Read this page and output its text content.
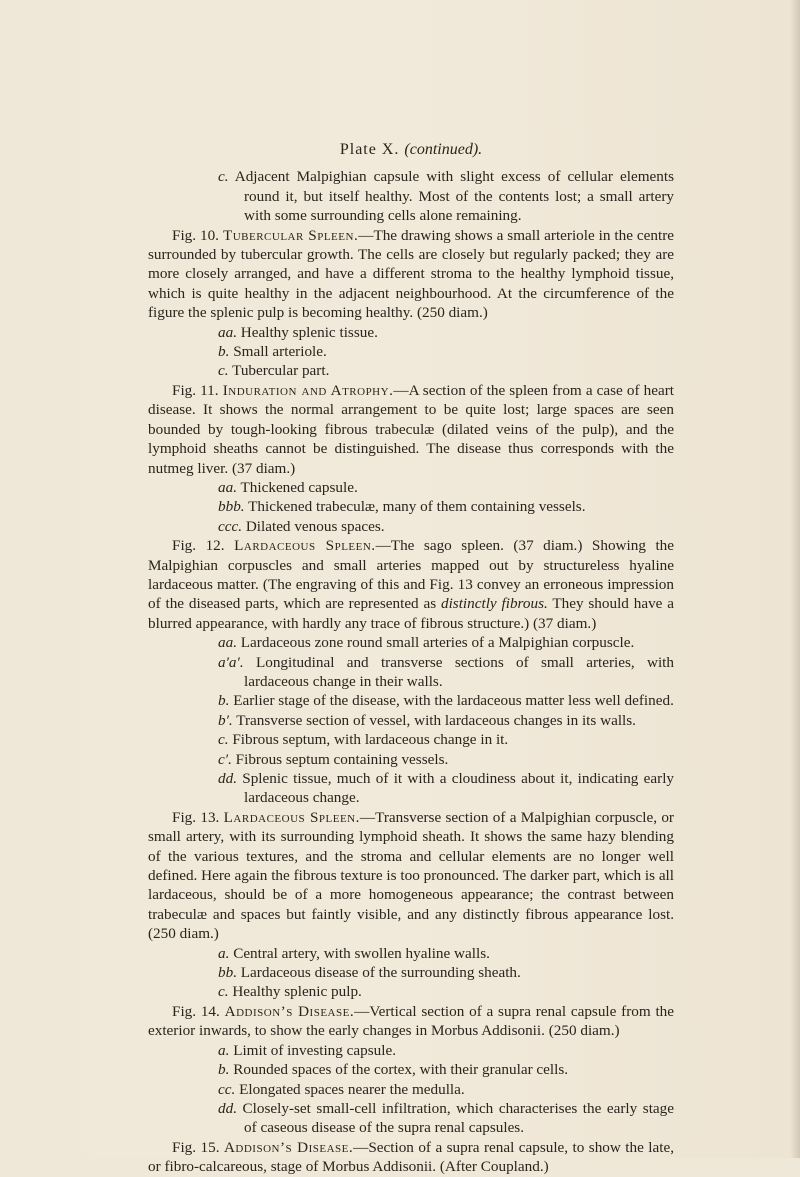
Plate X. (continued).

c. Adjacent Malpighian capsule with slight excess of cellular elements round it, but itself healthy. Most of the contents lost; a small artery with some surrounding cells alone remaining.

Fig. 10. Tubercular Spleen.—The drawing shows a small arteriole in the centre surrounded by tubercular growth. The cells are closely but regularly packed; they are more closely arranged, and have a different stroma to the healthy lymphoid tissue, which is quite healthy in the adjacent neighbourhood. At the circumference of the figure the splenic pulp is becoming healthy. (250 diam.)

aa. Healthy splenic tissue.

b. Small arteriole.

c. Tubercular part.

Fig. 11. Induration and Atrophy.—A section of the spleen from a case of heart disease. It shows the normal arrangement to be quite lost; large spaces are seen bounded by tough-looking fibrous trabeculæ (dilated veins of the pulp), and the lymphoid sheaths cannot be distinguished. The disease thus corresponds with the nutmeg liver. (37 diam.)

aa. Thickened capsule.

bbb. Thickened trabeculæ, many of them containing vessels.

ccc. Dilated venous spaces.

Fig. 12. Lardaceous Spleen.—The sago spleen. (37 diam.) Showing the Malpighian corpuscles and small arteries mapped out by structureless hyaline lardaceous matter. (The engraving of this and Fig. 13 convey an erroneous impression of the diseased parts, which are represented as distinctly fibrous. They should have a blurred appearance, with hardly any trace of fibrous structure.) (37 diam.)

aa. Lardaceous zone round small arteries of a Malpighian corpuscle.

a′a′. Longitudinal and transverse sections of small arteries, with lardaceous change in their walls.

b. Earlier stage of the disease, with the lardaceous matter less well defined.

b′. Transverse section of vessel, with lardaceous changes in its walls.

c. Fibrous septum, with lardaceous change in it.

c′. Fibrous septum containing vessels.

dd. Splenic tissue, much of it with a cloudiness about it, indicating early lardaceous change.

Fig. 13. Lardaceous Spleen.—Transverse section of a Malpighian corpuscle, or small artery, with its surrounding lymphoid sheath. It shows the same hazy blending of the various textures, and the stroma and cellular elements are no longer well defined. Here again the fibrous texture is too pronounced. The darker part, which is all lardaceous, should be of a more homogeneous appearance; the contrast between trabeculæ and spaces but faintly visible, and any distinctly fibrous appearance lost. (250 diam.)

a. Central artery, with swollen hyaline walls.

bb. Lardaceous disease of the surrounding sheath.

c. Healthy splenic pulp.

Fig. 14. Addison’s Disease.—Vertical section of a supra renal capsule from the exterior inwards, to show the early changes in Morbus Addisonii. (250 diam.)

a. Limit of investing capsule.

b. Rounded spaces of the cortex, with their granular cells.

cc. Elongated spaces nearer the medulla.

dd. Closely-set small-cell infiltration, which characterises the early stage of caseous disease of the supra renal capsules.

Fig. 15. Addison’s Disease.—Section of a supra renal capsule, to show the late, or fibro-calcareous, stage of Morbus Addisonii. (After Coupland.)
